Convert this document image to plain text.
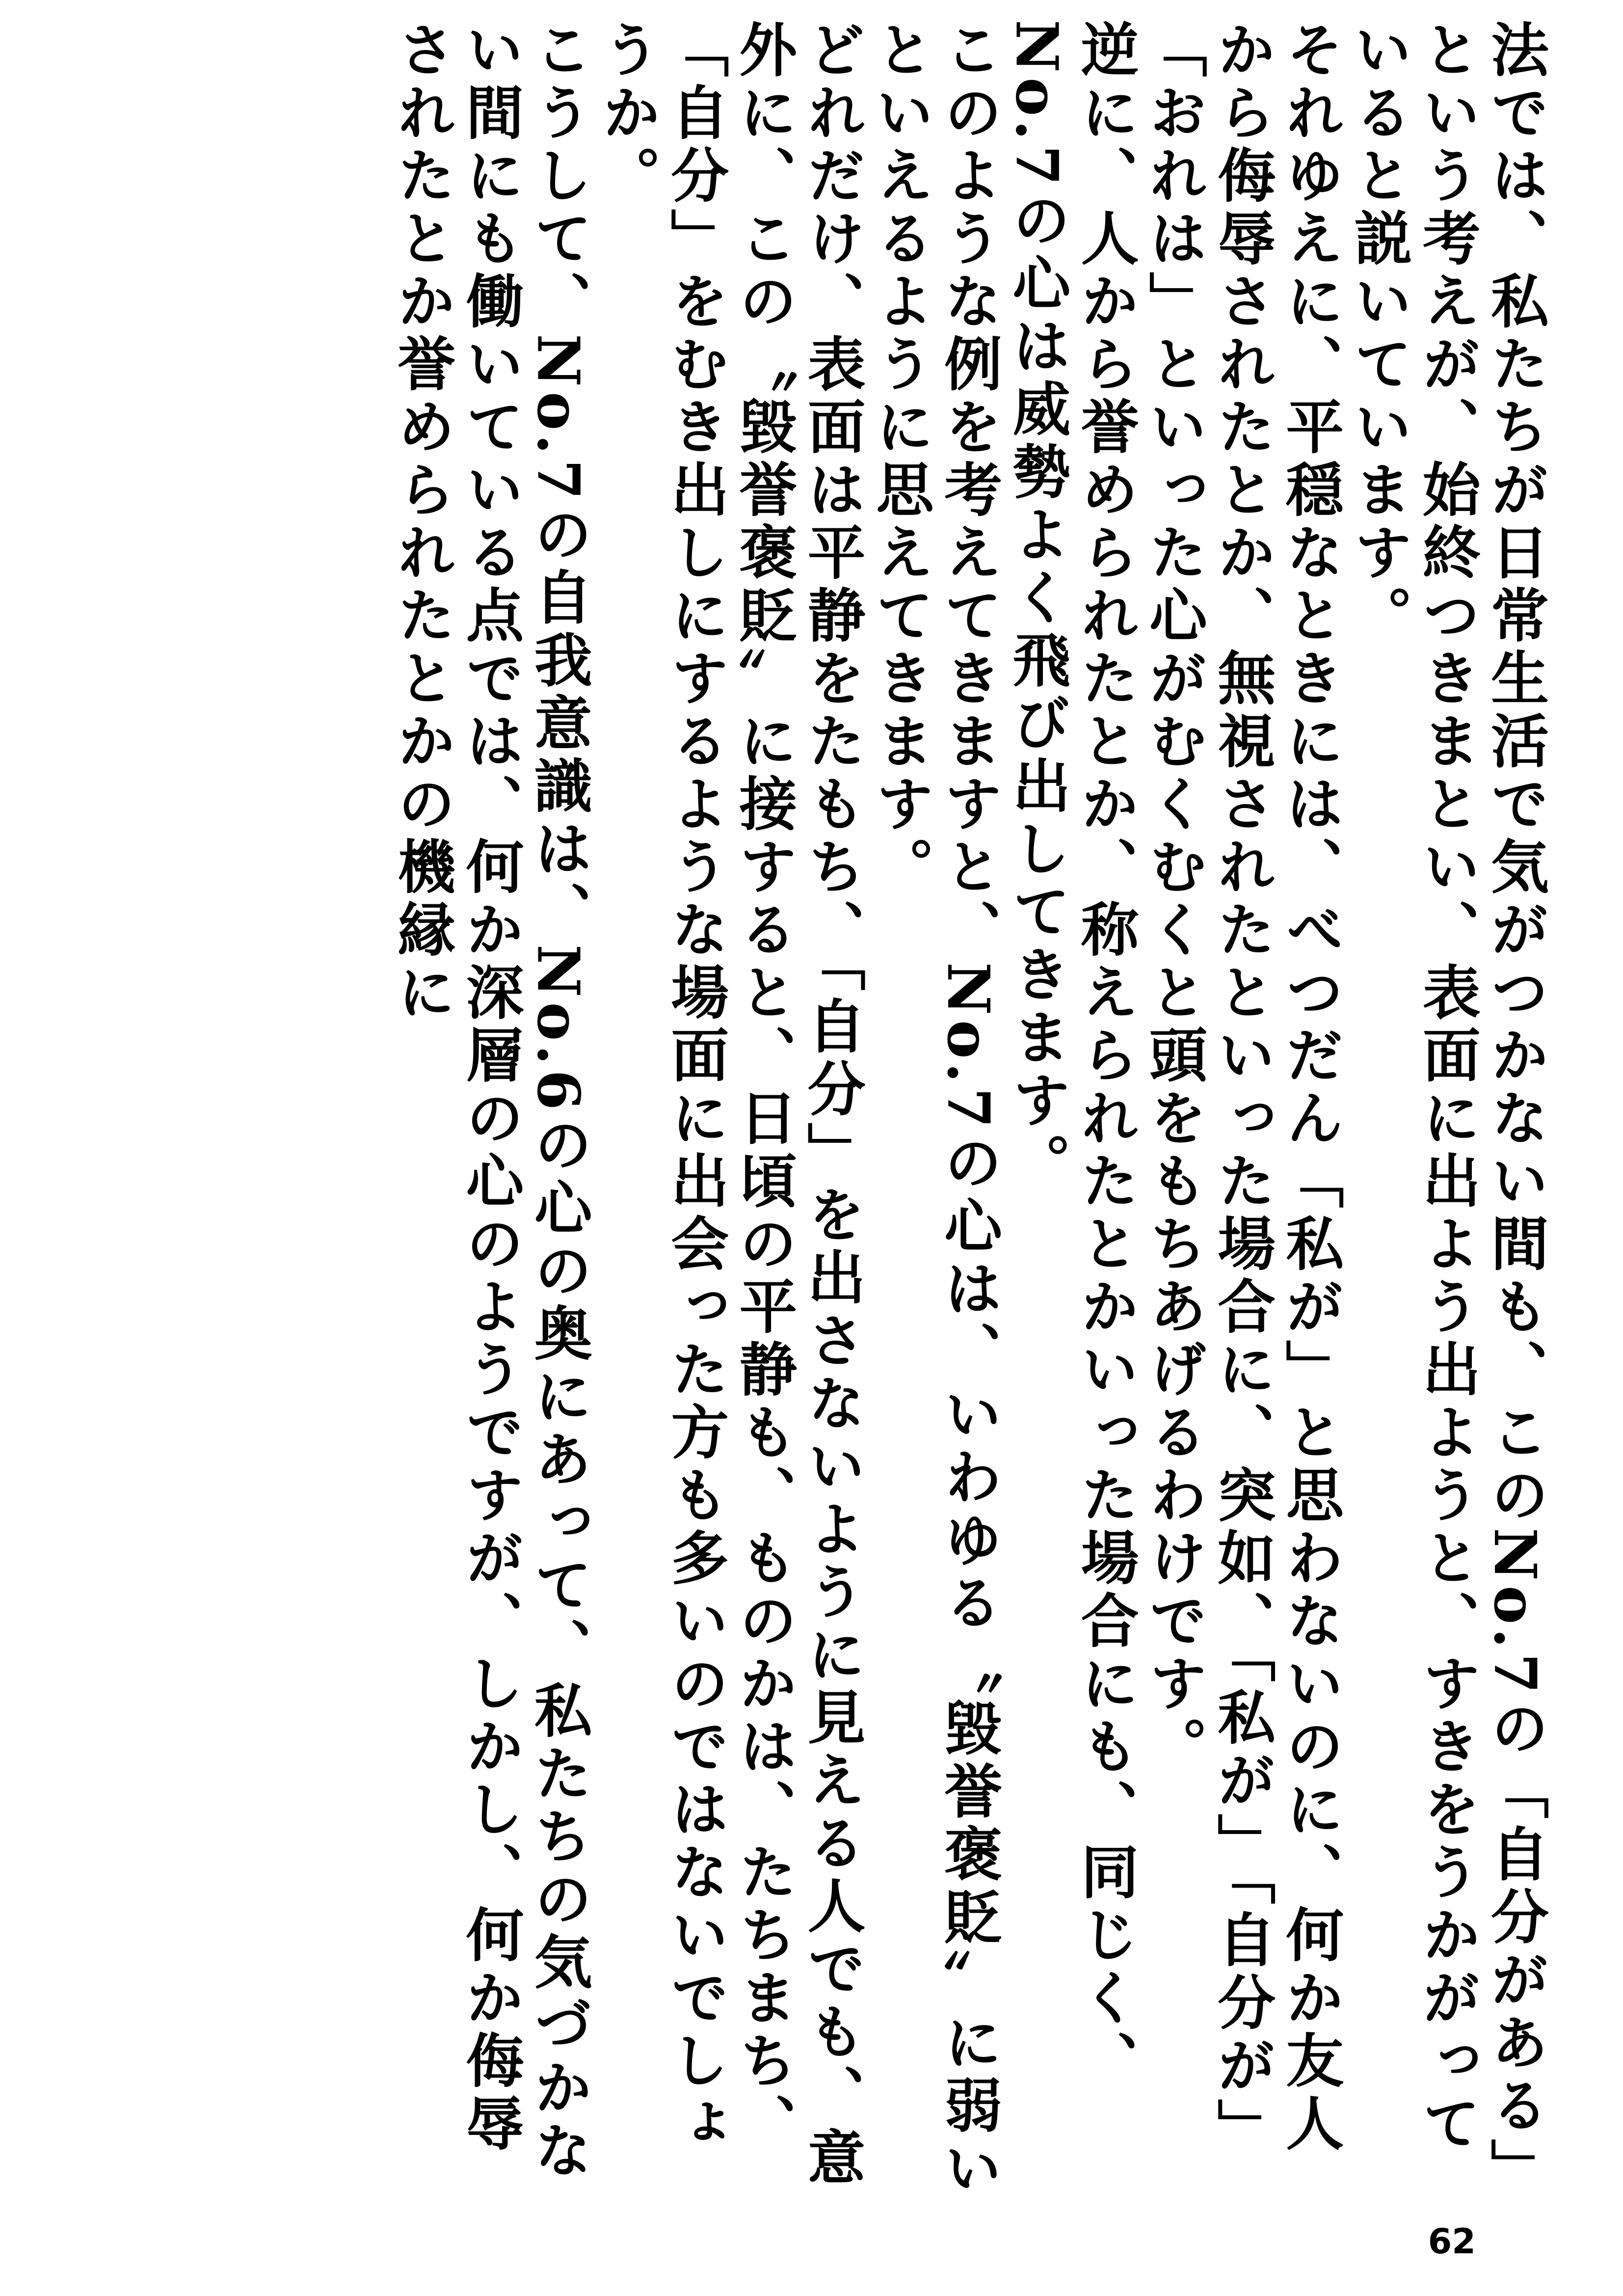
法では、私たちが日常生活で気がつかない間も、このNo.7の「自分がある」という考えが、始終つきまとい、表面に出よう出ようと、すきをうかがっていると説いています。

それゆえに、平穏なときには、べつだん「私が」と思わないのに、何か友人から侮辱されたとか、無視されたといった場合に、突如、「私が」「自分が」「おれは」といった心がむくむくと頭をもちあげるわけです。

逆に、人から誉められたとか、称えられたとかいった場合にも、同じく、No.7の心は威勢よく飛び出してきます。

このような例を考えてきますと、No.7の心は、いわゆる〝毀誉褒貶〟に弱いといえるように思えてきます。

どれだけ、表面は平静をたもち、「自分」を出さないように見える人でも、意外に、この〝毀誉褒貶〟に接すると、日頃の平静も、ものかは、たちまち、「自分」をむき出しにするような場面に出会った方も多いのではないでしょうか。

こうして、No.7の自我意識は、No.6の心の奥にあって、私たちの気づかない間にも働いている点では、何か深層の心のようですが、しかし、何か侮辱されたとか誉められたとかの機縁に

62
